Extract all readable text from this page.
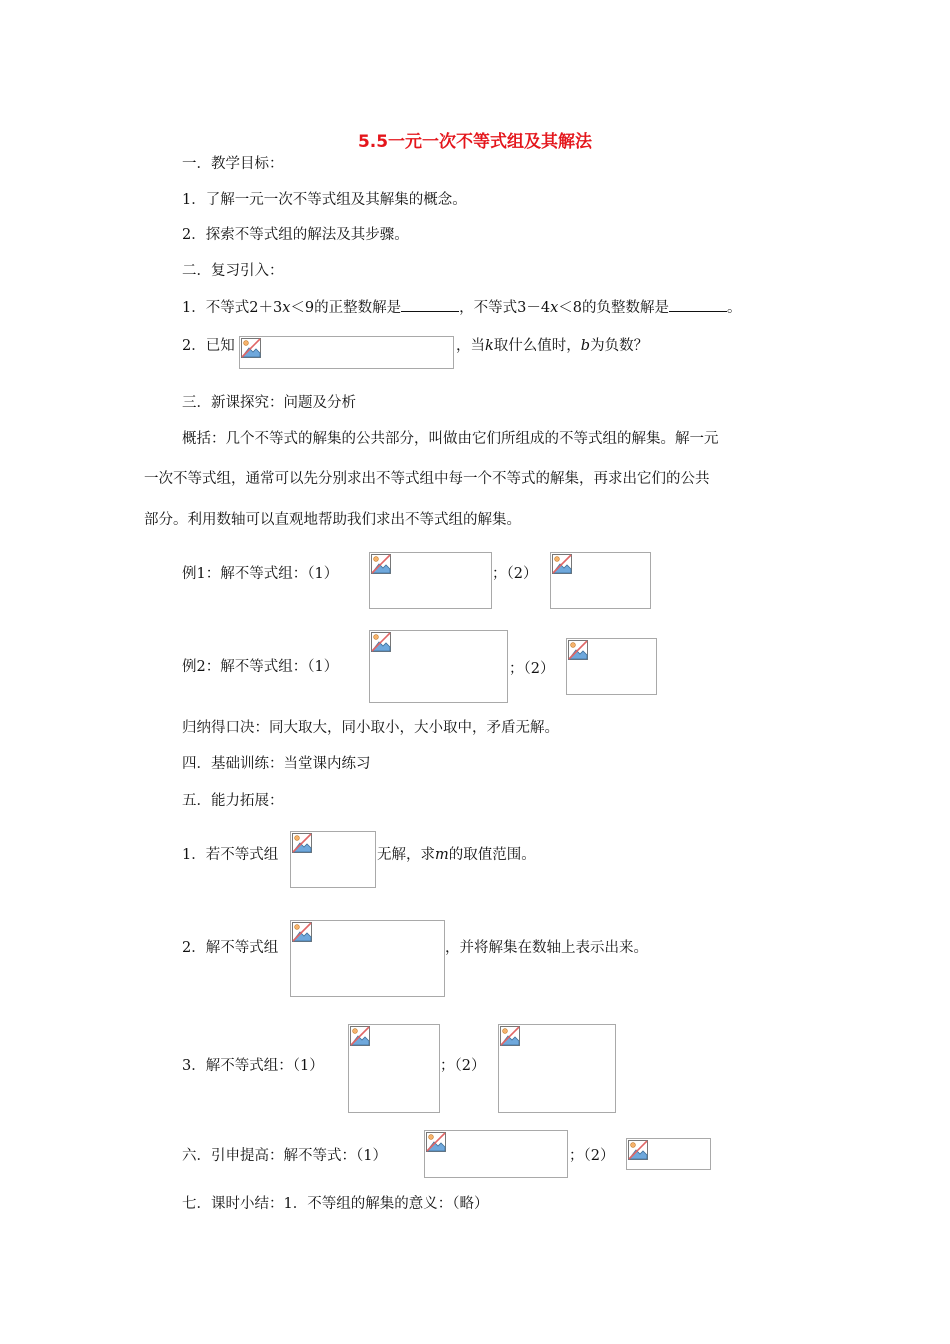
5.5一元一次不等式组及其解法
一．教学目标：
1．了解一元一次不等式组及其解集的概念。
2．探索不等式组的解法及其步骤。
二．复习引入：
1．不等式2＋3x＜9的正整数解是	，不等式3－4x＜8的负整数解是	。
2．已知	，当k取什么值时，b为负数？
三．新课探究：问题及分析
概括：几个不等式的解集的公共部分，叫做由它们所组成的不等式组的解集。解一元
一次不等式组，通常可以先分别求出不等式组中每一个不等式的解集，再求出它们的公共
部分。利用数轴可以直观地帮助我们求出不等式组的解集。
例1：解不等式组：（1）	；（2）
例2：解不等式组：（1）	；（2）
归纳得口决：同大取大，同小取小，大小取中，矛盾无解。
四．基础训练：当堂课内练习
五．能力拓展：
1．若不等式组	无解，求m的取值范围。
2．解不等式组	，并将解集在数轴上表示出来。
3．解不等式组：（1）	；（2）
六．引申提高：解不等式：（1）	；（2）
七．课时小结：1．不等组的解集的意义：（略）
